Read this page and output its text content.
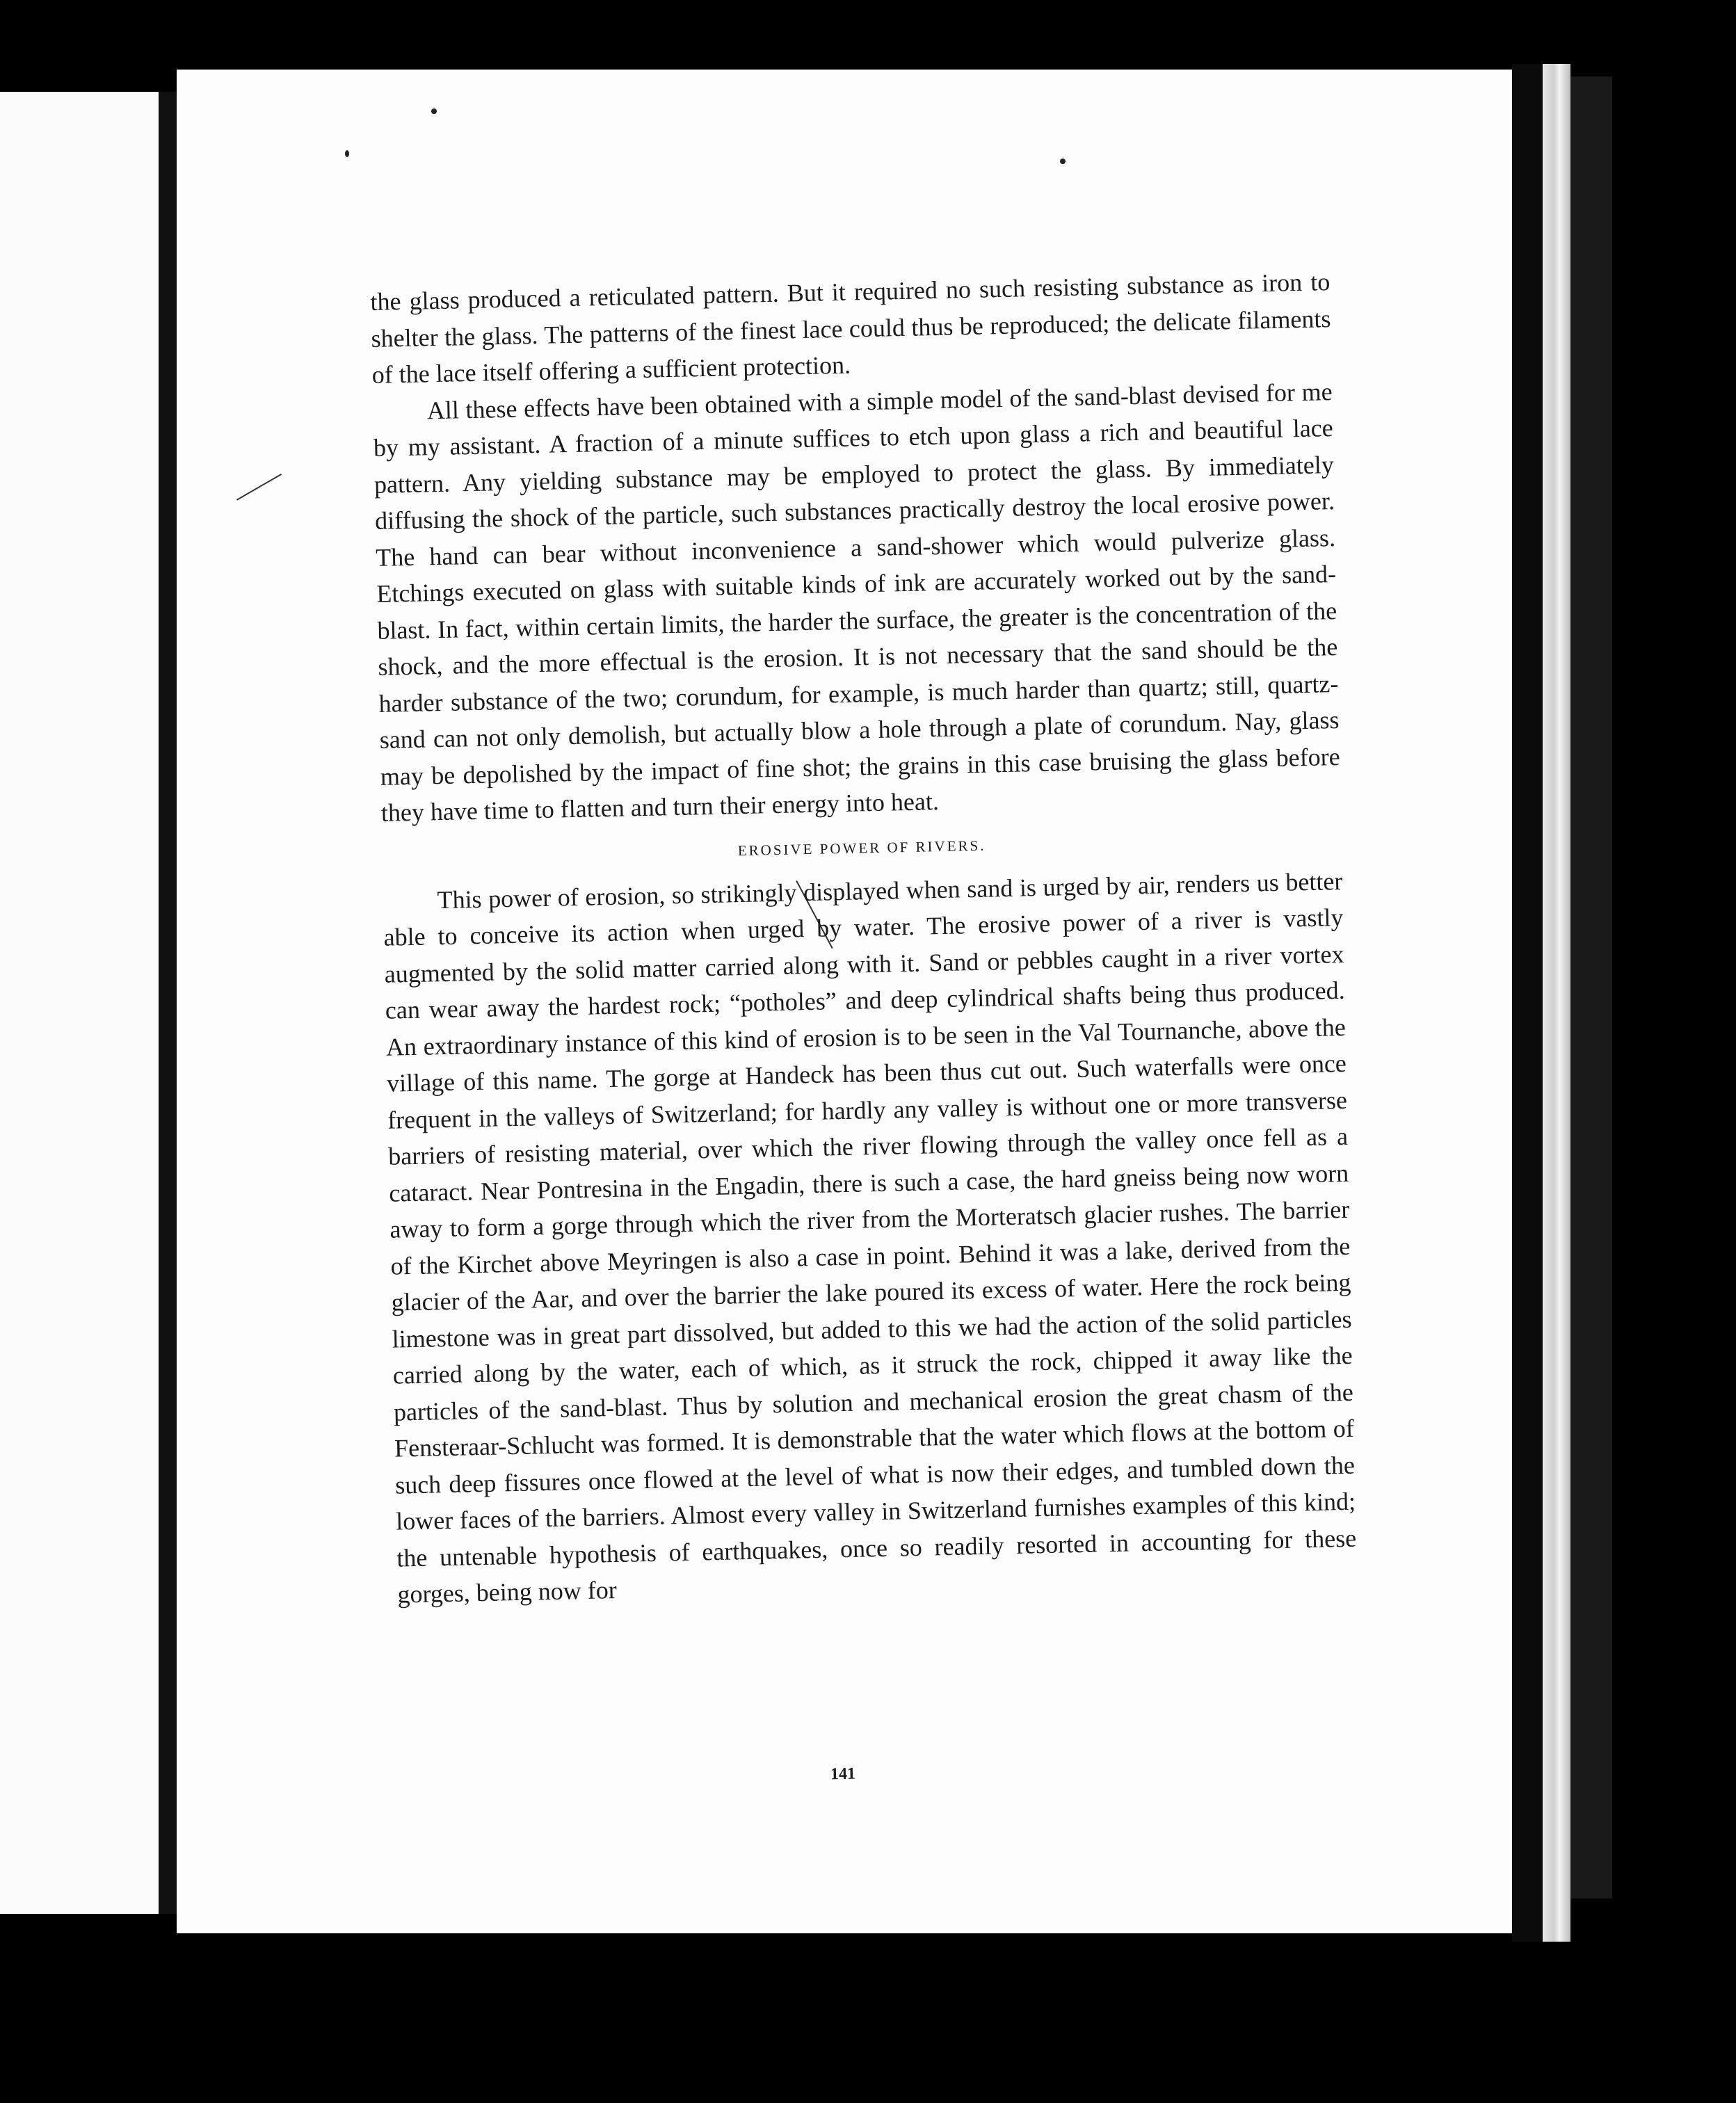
the glass produced a reticulated pattern. But it required no such resisting substance as iron to shelter the glass. The patterns of the finest lace could thus be reproduced; the delicate filaments of the lace itself offering a sufficient protection.

All these effects have been obtained with a simple model of the sand-blast devised for me by my assistant. A fraction of a minute suffices to etch upon glass a rich and beautiful lace pattern. Any yielding substance may be employed to protect the glass. By immediately diffusing the shock of the particle, such substances practically destroy the local erosive power. The hand can bear without inconvenience a sand-shower which would pulverize glass. Etchings executed on glass with suitable kinds of ink are accurately worked out by the sand-blast. In fact, within certain limits, the harder the surface, the greater is the concentration of the shock, and the more effectual is the erosion. It is not necessary that the sand should be the harder substance of the two; corundum, for example, is much harder than quartz; still, quartz-sand can not only demolish, but actually blow a hole through a plate of corundum. Nay, glass may be depolished by the impact of fine shot; the grains in this case bruising the glass before they have time to flatten and turn their energy into heat.

EROSIVE POWER OF RIVERS.

This power of erosion, so strikingly displayed when sand is urged by air, renders us better able to conceive its action when urged by water. The erosive power of a river is vastly augmented by the solid matter carried along with it. Sand or pebbles caught in a river vortex can wear away the hardest rock; “potholes” and deep cylindrical shafts being thus produced. An extraordinary instance of this kind of erosion is to be seen in the Val Tournanche, above the village of this name. The gorge at Handeck has been thus cut out. Such waterfalls were once frequent in the valleys of Switzerland; for hardly any valley is without one or more transverse barriers of resisting material, over which the river flowing through the valley once fell as a cataract. Near Pontresina in the Engadin, there is such a case, the hard gneiss being now worn away to form a gorge through which the river from the Morteratsch glacier rushes. The barrier of the Kirchet above Meyringen is also a case in point. Behind it was a lake, derived from the glacier of the Aar, and over the barrier the lake poured its excess of water. Here the rock being limestone was in great part dissolved, but added to this we had the action of the solid particles carried along by the water, each of which, as it struck the rock, chipped it away like the particles of the sand-blast. Thus by solution and mechanical erosion the great chasm of the Fensteraar-Schlucht was formed. It is demonstrable that the water which flows at the bottom of such deep fissures once flowed at the level of what is now their edges, and tumbled down the lower faces of the barriers. Almost every valley in Switzerland furnishes examples of this kind; the untenable hypothesis of earthquakes, once so readily resorted in accounting for these gorges, being now for

141
